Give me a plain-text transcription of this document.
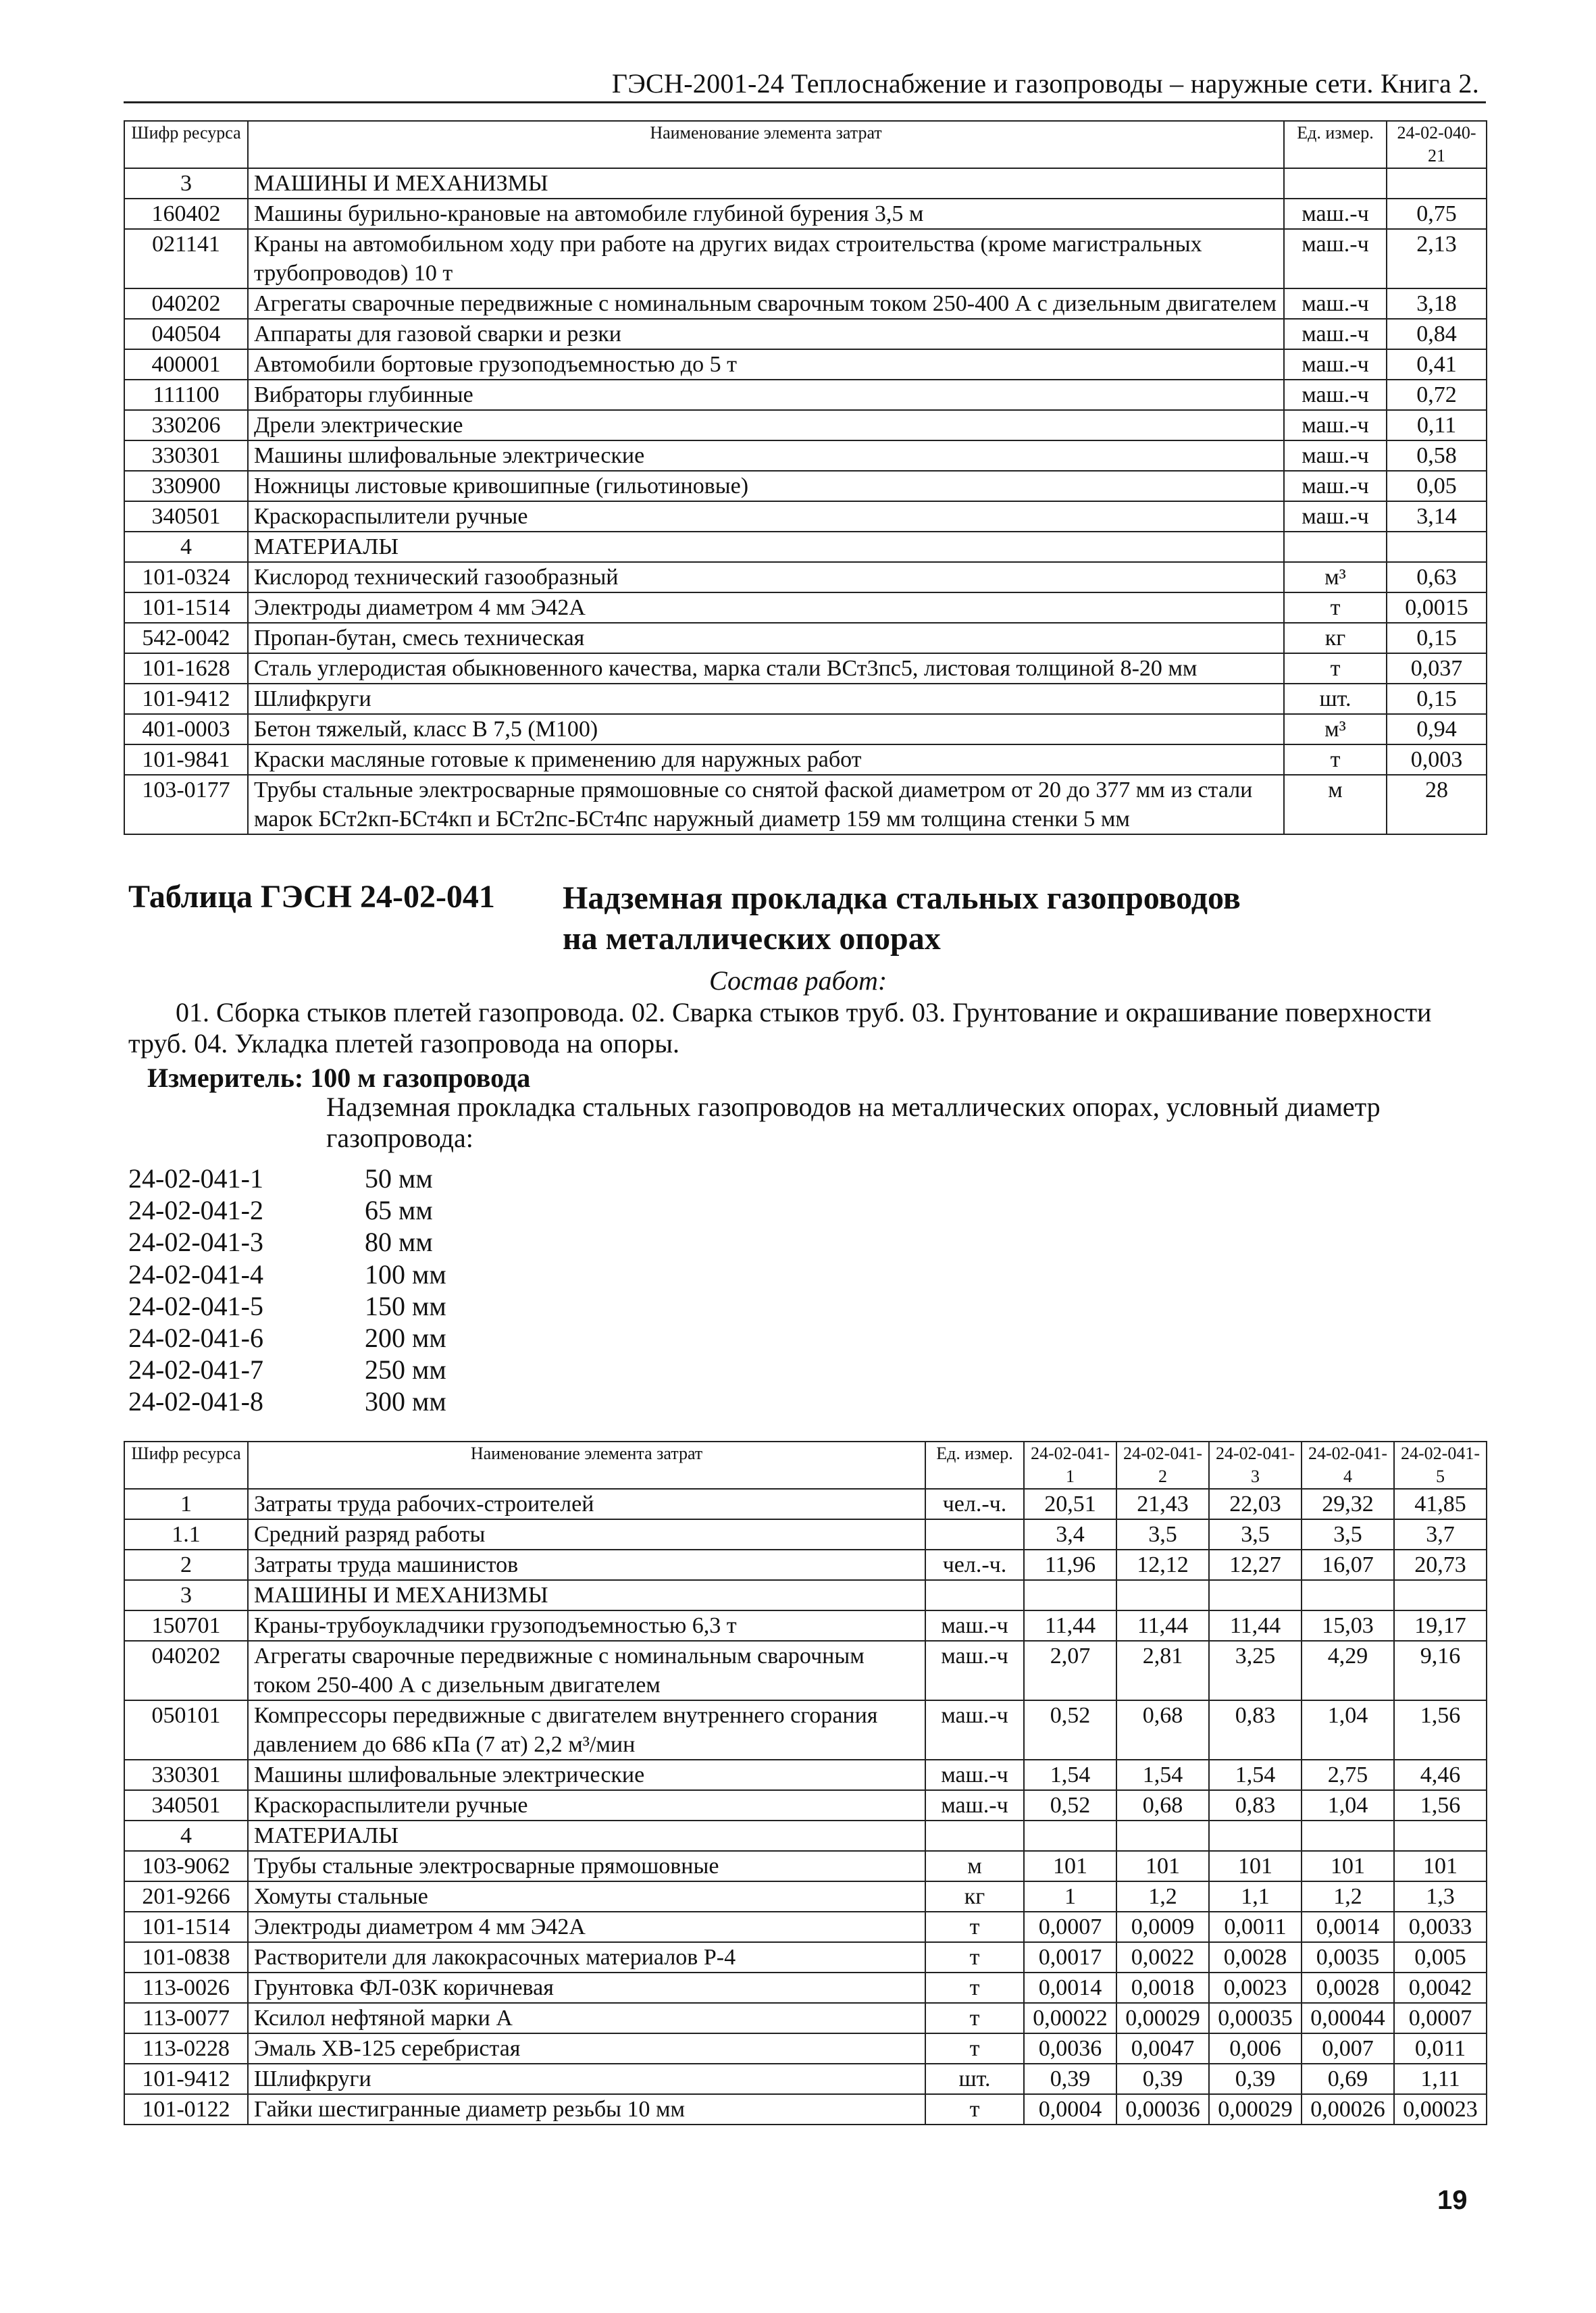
ГЭСН-2001-24 Теплоснабжение и газопроводы – наружные сети. Книга 2.
Шифр ресурса	Наименование элемента затрат	Ед. измер.	24-02-040-21
3	МАШИНЫ И МЕХАНИЗМЫ		
160402	Машины бурильно-крановые на автомобиле глубиной бурения 3,5 м	маш.-ч	0,75
021141	Краны на автомобильном ходу при работе на других видах строительства (кроме магистральных трубопроводов) 10 т	маш.-ч	2,13
040202	Агрегаты сварочные передвижные с номинальным сварочным током 250-400 А с дизельным двигателем	маш.-ч	3,18
040504	Аппараты для газовой сварки и резки	маш.-ч	0,84
400001	Автомобили бортовые грузоподъемностью до 5 т	маш.-ч	0,41
111100	Вибраторы глубинные	маш.-ч	0,72
330206	Дрели электрические	маш.-ч	0,11
330301	Машины шлифовальные электрические	маш.-ч	0,58
330900	Ножницы листовые кривошипные (гильотиновые)	маш.-ч	0,05
340501	Краскораспылители ручные	маш.-ч	3,14
4	МАТЕРИАЛЫ		
101-0324	Кислород технический газообразный	м³	0,63
101-1514	Электроды диаметром 4 мм Э42А	т	0,0015
542-0042	Пропан-бутан, смесь техническая	кг	0,15
101-1628	Сталь углеродистая обыкновенного качества, марка стали ВСт3пс5, листовая толщиной 8-20 мм	т	0,037
101-9412	Шлифкруги	шт.	0,15
401-0003	Бетон тяжелый, класс В 7,5 (М100)	м³	0,94
101-9841	Краски масляные готовые к применению для наружных работ	т	0,003
103-0177	Трубы стальные электросварные прямошовные со снятой фаской диаметром от 20 до 377 мм из стали марок БСт2кп-БСт4кп и БСт2пс-БСт4пс наружный диаметр 159 мм толщина стенки 5 мм	м	28
Таблица ГЭСН 24-02-041 Надземная прокладка стальных газопроводов
на металлических опорах
Состав работ:
01. Сборка стыков плетей газопровода. 02. Сварка стыков труб. 03. Грунтование и окрашивание поверхности труб. 04. Укладка плетей газопровода на опоры.
Измеритель: 100 м газопровода
Надземная прокладка стальных газопроводов на металлических опорах, условный диаметр газопровода:
24-02-041-1	50 мм
24-02-041-2	65 мм
24-02-041-3	80 мм
24-02-041-4	100 мм
24-02-041-5	150 мм
24-02-041-6	200 мм
24-02-041-7	250 мм
24-02-041-8	300 мм
Шифр ресурса	Наименование элемента затрат	Ед. измер.	24-02-041-1	24-02-041-2	24-02-041-3	24-02-041-4	24-02-041-5
1	Затраты труда рабочих-строителей	чел.-ч.	20,51	21,43	22,03	29,32	41,85
1.1	Средний разряд работы		3,4	3,5	3,5	3,5	3,7
2	Затраты труда машинистов	чел.-ч.	11,96	12,12	12,27	16,07	20,73
3	МАШИНЫ И МЕХАНИЗМЫ						
150701	Краны-трубоукладчики грузоподъемностью 6,3 т	маш.-ч	11,44	11,44	11,44	15,03	19,17
040202	Агрегаты сварочные передвижные с номинальным сварочным током 250-400 А с дизельным двигателем	маш.-ч	2,07	2,81	3,25	4,29	9,16
050101	Компрессоры передвижные с двигателем внутреннего сгорания давлением до 686 кПа (7 ат) 2,2 м³/мин	маш.-ч	0,52	0,68	0,83	1,04	1,56
330301	Машины шлифовальные электрические	маш.-ч	1,54	1,54	1,54	2,75	4,46
340501	Краскораспылители ручные	маш.-ч	0,52	0,68	0,83	1,04	1,56
4	МАТЕРИАЛЫ						
103-9062	Трубы стальные электросварные прямошовные	м	101	101	101	101	101
201-9266	Хомуты стальные	кг	1	1,2	1,1	1,2	1,3
101-1514	Электроды диаметром 4 мм Э42А	т	0,0007	0,0009	0,0011	0,0014	0,0033
101-0838	Растворители для лакокрасочных материалов Р-4	т	0,0017	0,0022	0,0028	0,0035	0,005
113-0026	Грунтовка ФЛ-03К коричневая	т	0,0014	0,0018	0,0023	0,0028	0,0042
113-0077	Ксилол нефтяной марки А	т	0,00022	0,00029	0,00035	0,00044	0,0007
113-0228	Эмаль ХВ-125 серебристая	т	0,0036	0,0047	0,006	0,007	0,011
101-9412	Шлифкруги	шт.	0,39	0,39	0,39	0,69	1,11
101-0122	Гайки шестигранные диаметр резьбы 10 мм	т	0,0004	0,00036	0,00029	0,00026	0,00023
19
